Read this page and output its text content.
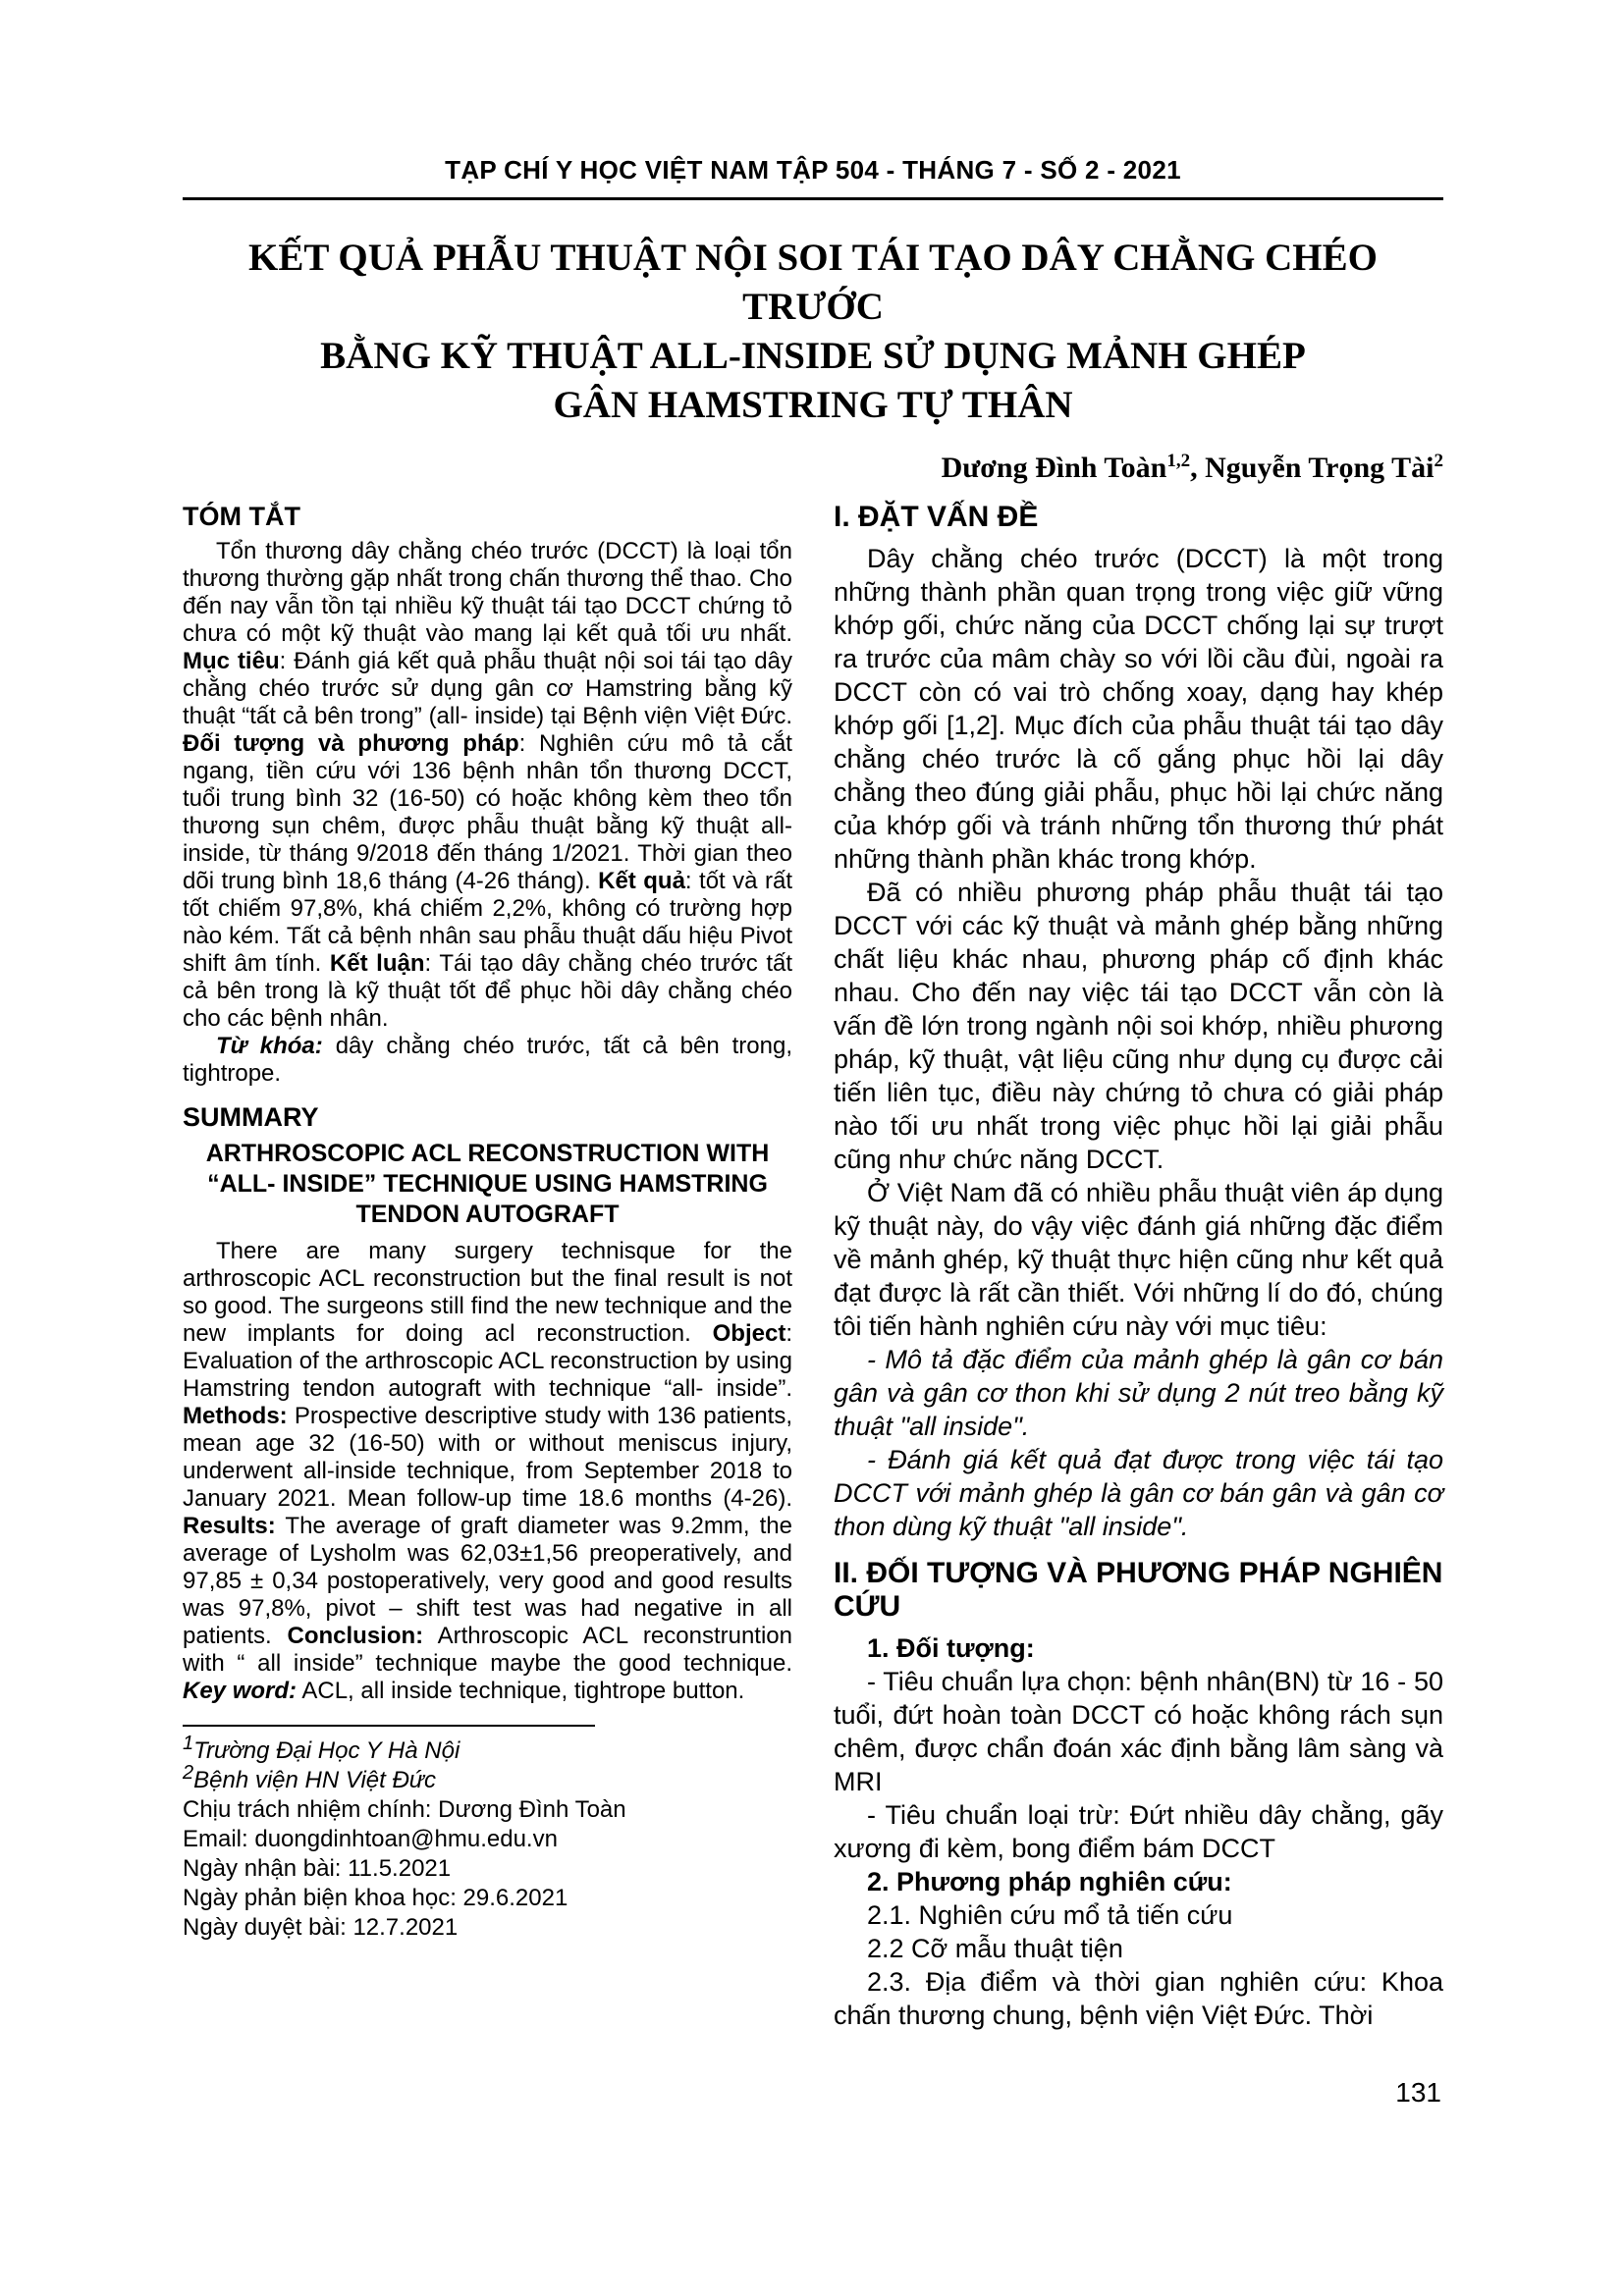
TẠP CHÍ Y HỌC VIỆT NAM TẬP 504 - THÁNG 7 - SỐ 2 - 2021
KẾT QUẢ PHẪU THUẬT NỘI SOI TÁI TẠO DÂY CHẰNG CHÉO TRƯỚC
BẰNG KỸ THUẬT ALL-INSIDE SỬ DỤNG MẢNH GHÉP
GÂN HAMSTRING TỰ THÂN
Dương Đình Toàn$^{1,2}$, Nguyễn Trọng Tài$^2$
TÓM TẮT

Tổn thương dây chằng chéo trước (DCCT) là loại tổn thương thường gặp nhất trong chấn thương thể thao. Cho đến nay vẫn tồn tại nhiều kỹ thuật tái tạo DCCT chứng tỏ chưa có một kỹ thuật vào mang lại kết quả tối ưu nhất. Mục tiêu: Đánh giá kết quả phẫu thuật nội soi tái tạo dây chằng chéo trước sử dụng gân cơ Hamstring bằng kỹ thuật “tất cả bên trong” (all- inside) tại Bệnh viện Việt Đức. Đối tượng và phương pháp: Nghiên cứu mô tả cắt ngang, tiền cứu với 136 bệnh nhân tổn thương DCCT, tuổi trung bình 32 (16-50) có hoặc không kèm theo tổn thương sụn chêm, được phẫu thuật bằng kỹ thuật all-inside, từ tháng 9/2018 đến tháng 1/2021. Thời gian theo dõi trung bình 18,6 tháng (4-26 tháng). Kết quả: tốt và rất tốt chiếm 97,8%, khá chiếm 2,2%, không có trường hợp nào kém. Tất cả bệnh nhân sau phẫu thuật dấu hiệu Pivot shift âm tính. Kết luận: Tái tạo dây chằng chéo trước tất cả bên trong là kỹ thuật tốt để phục hồi dây chằng chéo cho các bệnh nhân.

Từ khóa: dây chằng chéo trước, tất cả bên trong, tightrope.

SUMMARY
ARTHROSCOPIC ACL RECONSTRUCTION WITH “ALL- INSIDE” TECHNIQUE USING HAMSTRING TENDON AUTOGRAFT

There are many surgery technisque for the arthroscopic ACL reconstruction but the final result is not so good. The surgeons still find the new technique and the new implants for doing acl reconstruction. Object: Evaluation of the arthroscopic ACL reconstruction by using Hamstring tendon autograft with technique “all- inside”. Methods: Prospective descriptive study with 136 patients, mean age 32 (16-50) with or without meniscus injury, underwent all-inside technique, from September 2018 to January 2021. Mean follow-up time 18.6 months (4-26). Results: The average of graft diameter was 9.2mm, the average of Lysholm was 62,03±1,56 preoperatively, and 97,85 ± 0,34 postoperatively, very good and good results was 97,8%, pivot – shift test was had negative in all patients. Conclusion: Arthroscopic ACL reconstruntion with “ all inside” technique maybe the good technique. Key word: ACL, all inside technique, tightrope button.

$^1$Trường Đại Học Y Hà Nội
$^2$Bệnh viện HN Việt Đức
Chịu trách nhiệm chính: Dương Đình Toàn
Email: duongdinhtoan@hmu.edu.vn
Ngày nhận bài: 11.5.2021
Ngày phản biện khoa học: 29.6.2021
Ngày duyệt bài: 12.7.2021
I. ĐẶT VẤN ĐỀ

Dây chằng chéo trước (DCCT) là một trong những thành phần quan trọng trong việc giữ vững khớp gối, chức năng của DCCT chống lại sự trượt ra trước của mâm chày so với lồi cầu đùi, ngoài ra DCCT còn có vai trò chống xoay, dạng hay khép khớp gối [1,2]. Mục đích của phẫu thuật tái tạo dây chằng chéo trước là cố gắng phục hồi lại dây chằng theo đúng giải phẫu, phục hồi lại chức năng của khớp gối và tránh những tổn thương thứ phát những thành phần khác trong khớp.

Đã có nhiều phương pháp phẫu thuật tái tạo DCCT với các kỹ thuật và mảnh ghép bằng những chất liệu khác nhau, phương pháp cố định khác nhau. Cho đến nay việc tái tạo DCCT vẫn còn là vấn đề lớn trong ngành nội soi khớp, nhiều phương pháp, kỹ thuật, vật liệu cũng như dụng cụ được cải tiến liên tục, điều này chứng tỏ chưa có giải pháp nào tối ưu nhất trong việc phục hồi lại giải phẫu cũng như chức năng DCCT.

Ở Việt Nam đã có nhiều phẫu thuật viên áp dụng kỹ thuật này, do vậy việc đánh giá những đặc điểm về mảnh ghép, kỹ thuật thực hiện cũng như kết quả đạt được là rất cần thiết. Với những lí do đó, chúng tôi tiến hành nghiên cứu này với mục tiêu:

- Mô tả đặc điểm của mảnh ghép là gân cơ bán gân và gân cơ thon khi sử dụng 2 nút treo bằng kỹ thuật "all inside".

- Đánh giá kết quả đạt được trong việc tái tạo DCCT với mảnh ghép là gân cơ bán gân và gân cơ thon dùng kỹ thuật "all inside".

II. ĐỐI TƯỢNG VÀ PHƯƠNG PHÁP NGHIÊN CỨU

1. Đối tượng:

- Tiêu chuẩn lựa chọn: bệnh nhân(BN) từ 16 - 50 tuổi, đứt hoàn toàn DCCT có hoặc không rách sụn chêm, được chẩn đoán xác định bằng lâm sàng và MRI

- Tiêu chuẩn loại trừ: Đứt nhiều dây chằng, gãy xương đi kèm, bong điểm bám DCCT

2. Phương pháp nghiên cứu:

2.1. Nghiên cứu mổ tả tiến cứu

2.2 Cỡ mẫu thuật tiện

2.3. Địa điểm và thời gian nghiên cứu: Khoa chấn thương chung, bệnh viện Việt Đức. Thời

131
